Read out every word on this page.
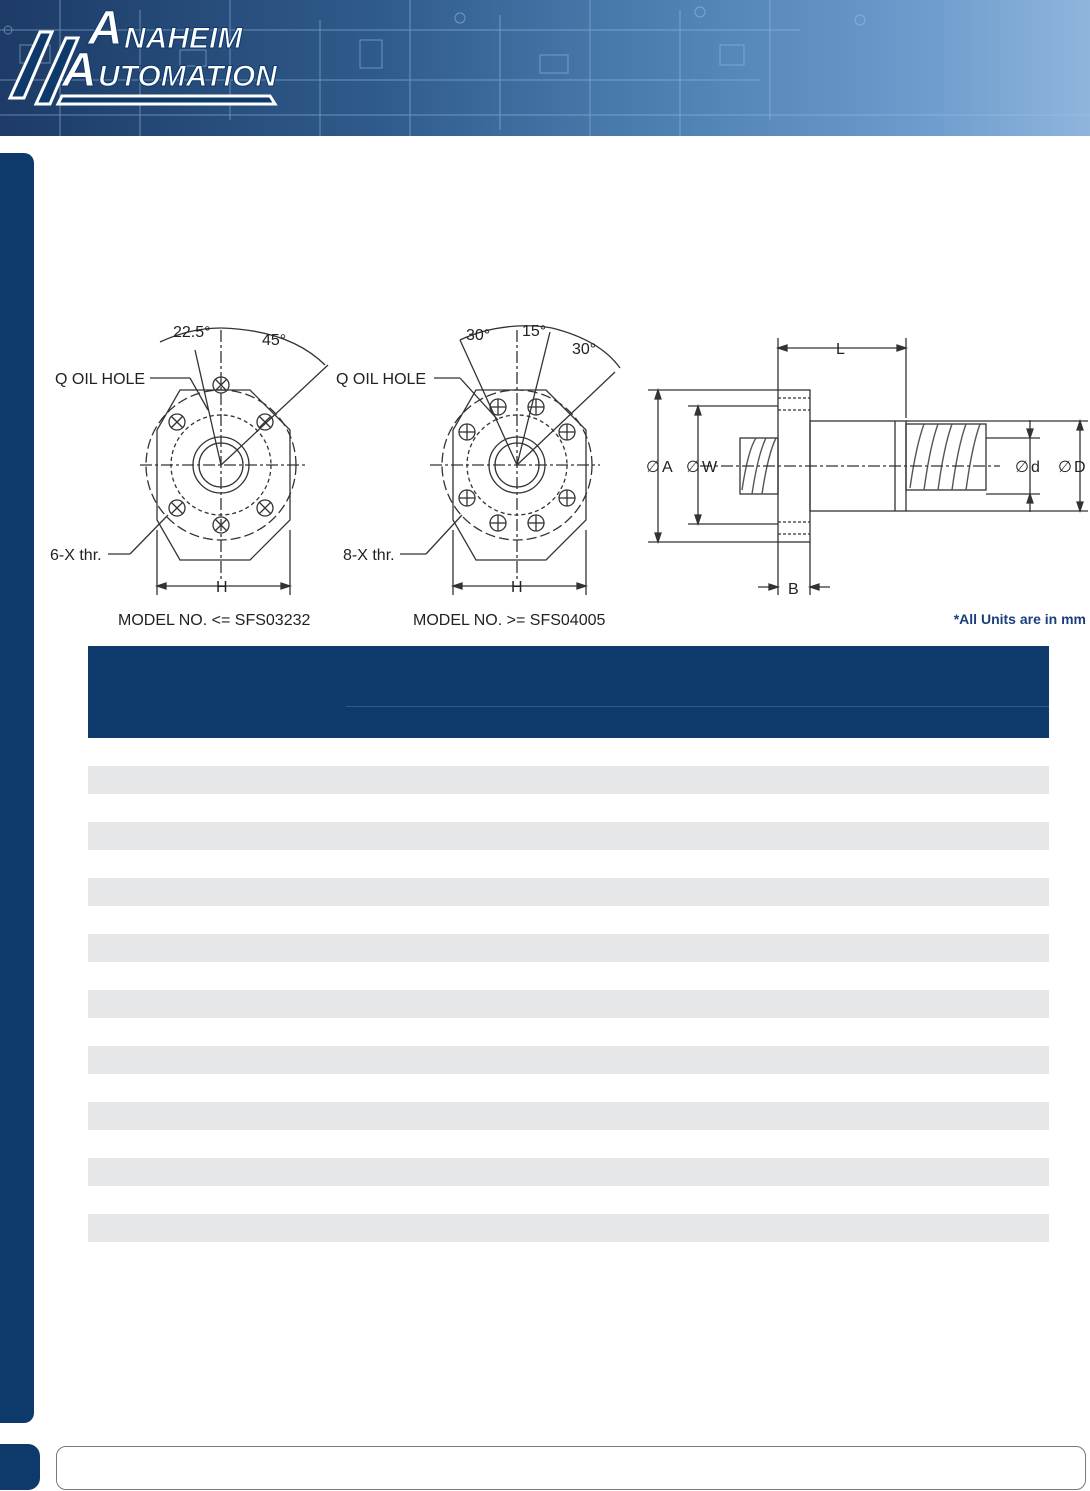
A NAHEIM
A UTOMATION
22.5°	45°
Q OIL HOLE
6-X thr.
H
MODEL NO. <= SFS03232
30° 15°
30°
Q OIL HOLE
8-X thr.
H
MODEL NO. >= SFS04005
L
∅ A ∅ W	∅ d ∅ D
B
*All Units are in mm
